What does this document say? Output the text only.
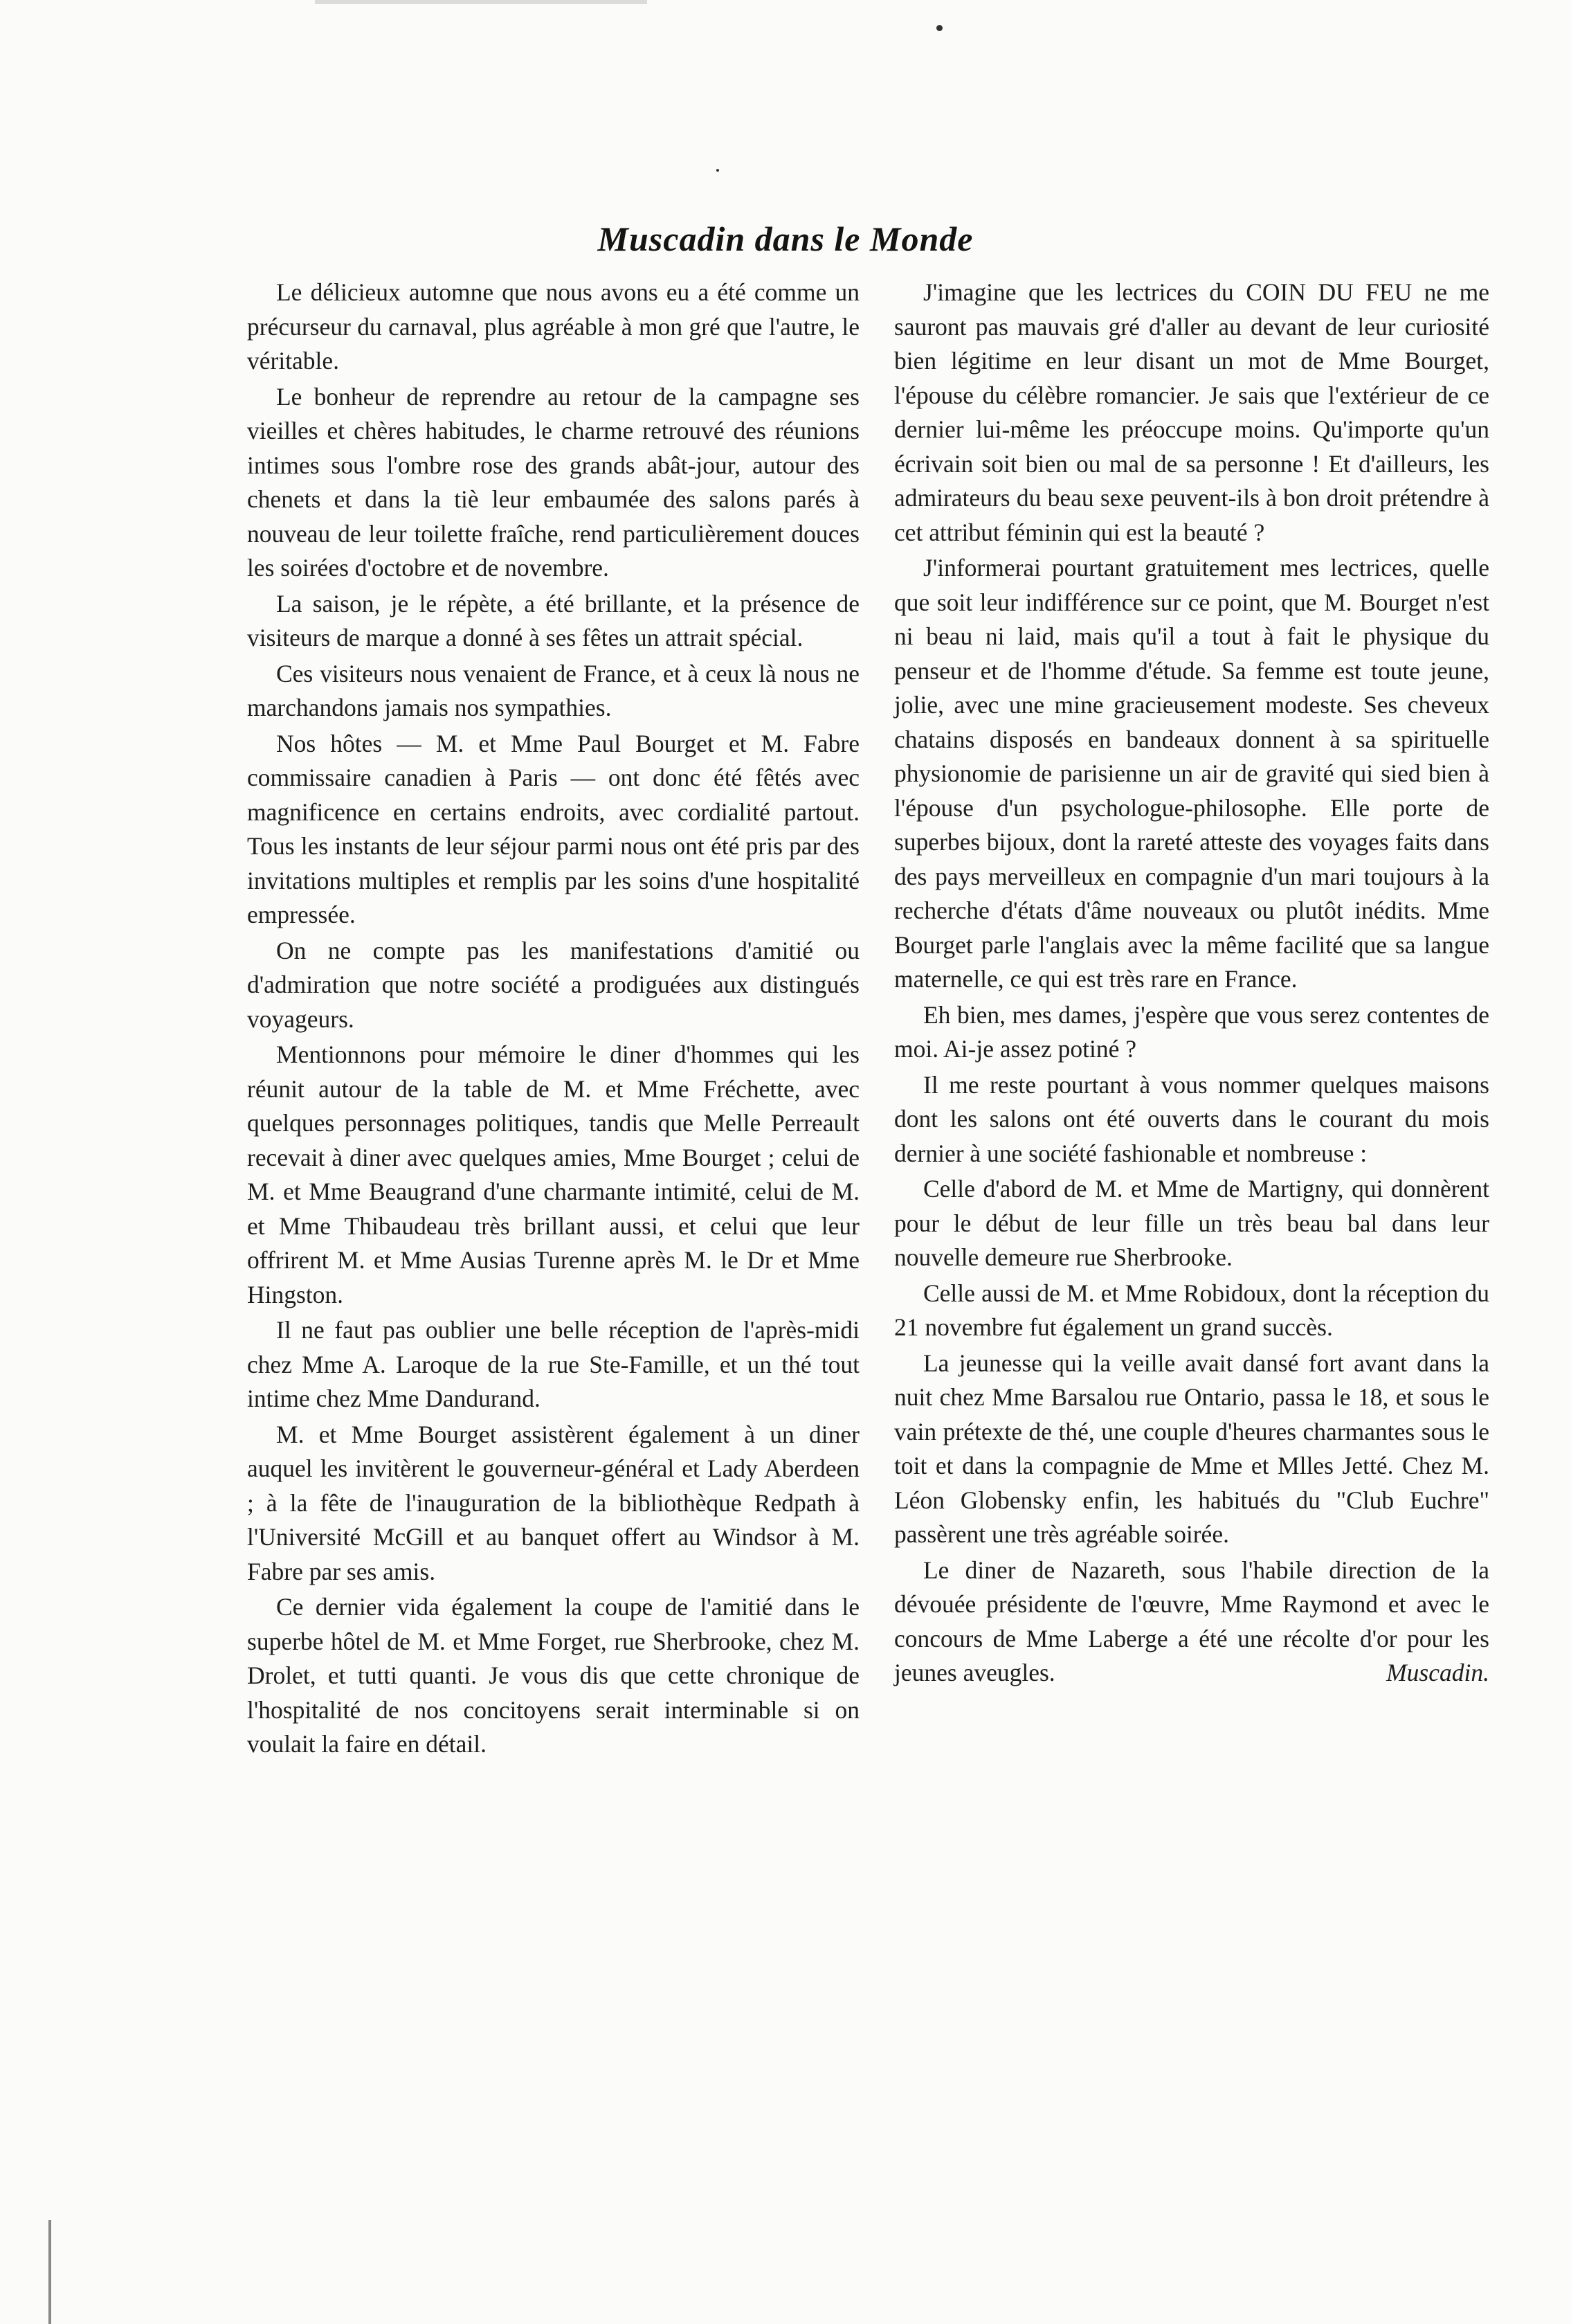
Muscadin dans le Monde

Le délicieux automne que nous avons eu a été comme un précurseur du carnaval, plus agréable à mon gré que l'autre, le véritable.

Le bonheur de reprendre au retour de la campagne ses vieilles et chères habitudes, le charme retrouvé des réunions intimes sous l'ombre rose des grands abât-jour, autour des chenets et dans la tiè leur embaumée des salons parés à nouveau de leur toilette fraîche, rend particulièrement douces les soirées d'octobre et de novembre.

La saison, je le répète, a été brillante, et la présence de visiteurs de marque a donné à ses fêtes un attrait spécial.

Ces visiteurs nous venaient de France, et à ceux là nous ne marchandons jamais nos sympathies.

Nos hôtes — M. et Mme Paul Bourget et M. Fabre commissaire canadien à Paris — ont donc été fêtés avec magnificence en certains endroits, avec cordialité partout. Tous les instants de leur séjour parmi nous ont été pris par des invitations multiples et remplis par les soins d'une hospitalité empressée.

On ne compte pas les manifestations d'amitié ou d'admiration que notre société a prodiguées aux distingués voyageurs.

Mentionnons pour mémoire le diner d'hommes qui les réunit autour de la table de M. et Mme Fréchette, avec quelques personnages politiques, tandis que Melle Perreault recevait à diner avec quelques amies, Mme Bourget ; celui de M. et Mme Beaugrand d'une charmante intimité, celui de M. et Mme Thibaudeau très brillant aussi, et celui que leur offrirent M. et Mme Ausias Turenne après M. le Dr et Mme Hingston.

Il ne faut pas oublier une belle réception de l'après-midi chez Mme A. Laroque de la rue Ste-Famille, et un thé tout intime chez Mme Dandurand.

M. et Mme Bourget assistèrent également à un diner auquel les invitèrent le gouverneur-général et Lady Aberdeen ; à la fête de l'inauguration de la bibliothèque Redpath à l'Université McGill et au banquet offert au Windsor à M. Fabre par ses amis.

Ce dernier vida également la coupe de l'amitié dans le superbe hôtel de M. et Mme Forget, rue Sherbrooke, chez M. Drolet, et tutti quanti. Je vous dis que cette chronique de l'hospitalité de nos concitoyens serait interminable si on voulait la faire en détail.

J'imagine que les lectrices du COIN DU FEU ne me sauront pas mauvais gré d'aller au devant de leur curiosité bien légitime en leur disant un mot de Mme Bourget, l'épouse du célèbre romancier. Je sais que l'extérieur de ce dernier lui-même les préoccupe moins. Qu'importe qu'un écrivain soit bien ou mal de sa personne ! Et d'ailleurs, les admirateurs du beau sexe peuvent-ils à bon droit prétendre à cet attribut féminin qui est la beauté ?

J'informerai pourtant gratuitement mes lectrices, quelle que soit leur indifférence sur ce point, que M. Bourget n'est ni beau ni laid, mais qu'il a tout à fait le physique du penseur et de l'homme d'étude. Sa femme est toute jeune, jolie, avec une mine gracieusement modeste. Ses cheveux chatains disposés en bandeaux donnent à sa spirituelle physionomie de parisienne un air de gravité qui sied bien à l'épouse d'un psychologue-philosophe. Elle porte de superbes bijoux, dont la rareté atteste des voyages faits dans des pays merveilleux en compagnie d'un mari toujours à la recherche d'états d'âme nouveaux ou plutôt inédits. Mme Bourget parle l'anglais avec la même facilité que sa langue maternelle, ce qui est très rare en France.

Eh bien, mes dames, j'espère que vous serez contentes de moi. Ai-je assez potiné ?

Il me reste pourtant à vous nommer quelques maisons dont les salons ont été ouverts dans le courant du mois dernier à une société fashionable et nombreuse :

Celle d'abord de M. et Mme de Martigny, qui donnèrent pour le début de leur fille un très beau bal dans leur nouvelle demeure rue Sherbrooke.

Celle aussi de M. et Mme Robidoux, dont la réception du 21 novembre fut également un grand succès.

La jeunesse qui la veille avait dansé fort avant dans la nuit chez Mme Barsalou rue Ontario, passa le 18, et sous le vain prétexte de thé, une couple d'heures charmantes sous le toit et dans la compagnie de Mme et Mlles Jetté. Chez M. Léon Globensky enfin, les habitués du "Club Euchre" passèrent une très agréable soirée.

Le diner de Nazareth, sous l'habile direction de la dévouée présidente de l'œuvre, Mme Raymond et avec le concours de Mme Laberge a été une récolte d'or pour les jeunes aveugles.	Muscadin.
